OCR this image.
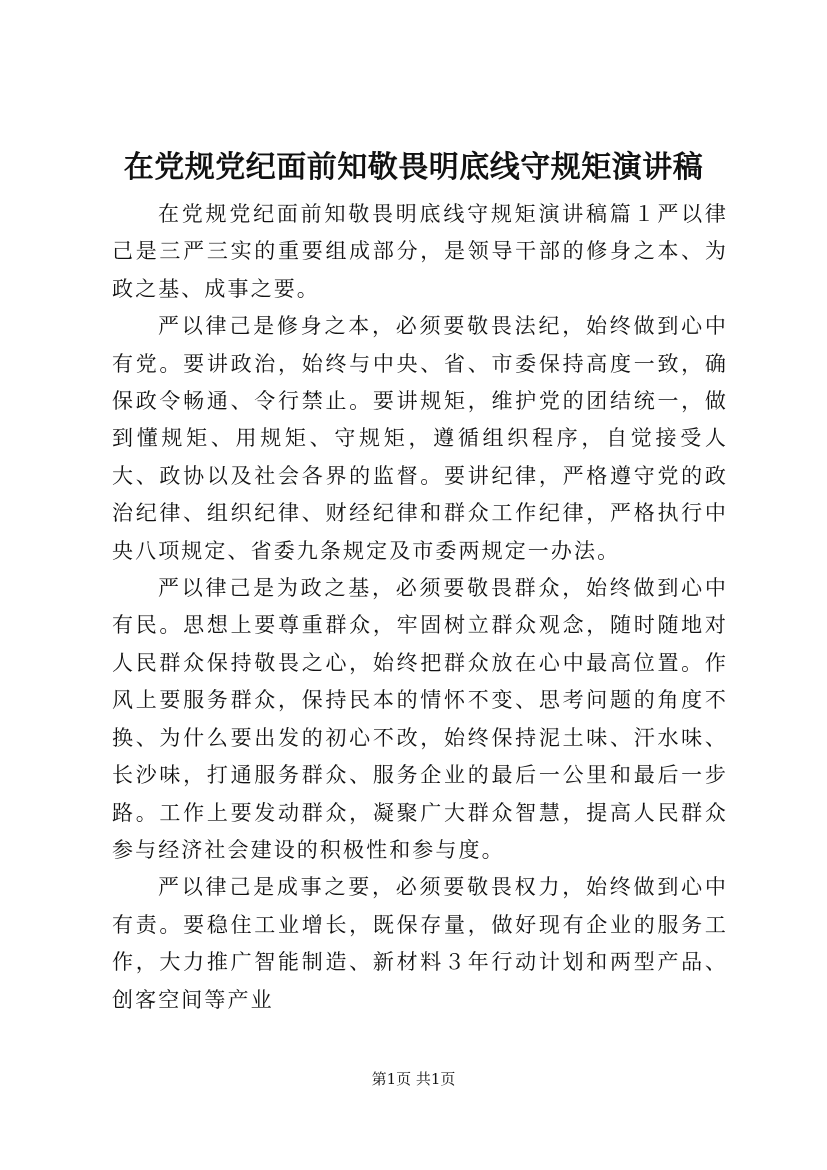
在党规党纪面前知敬畏明底线守规矩演讲稿

在党规党纪面前知敬畏明底线守规矩演讲稿篇１严以律己是三严三实的重要组成部分，是领导干部的修身之本、为政之基、成事之要。

严以律己是修身之本，必须要敬畏法纪，始终做到心中有党。要讲政治，始终与中央、省、市委保持高度一致，确保政令畅通、令行禁止。要讲规矩，维护党的团结统一，做到懂规矩、用规矩、守规矩，遵循组织程序，自觉接受人大、政协以及社会各界的监督。要讲纪律，严格遵守党的政治纪律、组织纪律、财经纪律和群众工作纪律，严格执行中央八项规定、省委九条规定及市委两规定一办法。

严以律己是为政之基，必须要敬畏群众，始终做到心中有民。思想上要尊重群众，牢固树立群众观念，随时随地对人民群众保持敬畏之心，始终把群众放在心中最高位置。作风上要服务群众，保持民本的情怀不变、思考问题的角度不换、为什么要出发的初心不改，始终保持泥土味、汗水味、长沙味，打通服务群众、服务企业的最后一公里和最后一步路。工作上要发动群众，凝聚广大群众智慧，提高人民群众参与经济社会建设的积极性和参与度。

严以律己是成事之要，必须要敬畏权力，始终做到心中有责。要稳住工业增长，既保存量，做好现有企业的服务工作，大力推广智能制造、新材料３年行动计划和两型产品、创客空间等产业

第1页 共1页
